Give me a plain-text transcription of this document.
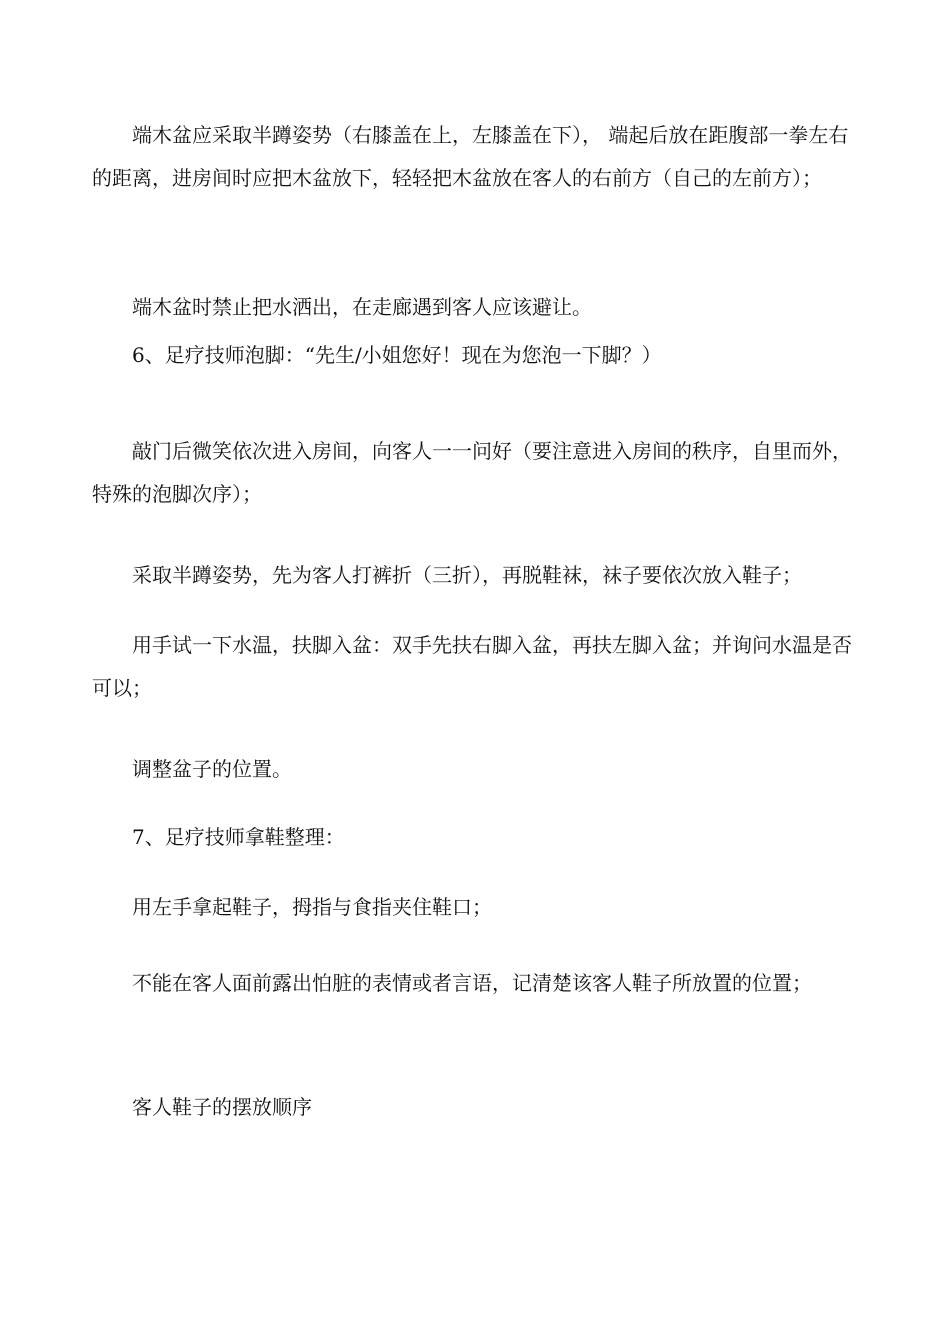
端木盆应采取半蹲姿势（右膝盖在上，左膝盖在下）， 端起后放在距腹部一拳左右的距离，进房间时应把木盆放下，轻轻把木盆放在客人的右前方（自己的左前方）；

端木盆时禁止把水洒出，在走廊遇到客人应该避让。

6、足疗技师泡脚：“先生/小姐您好！现在为您泡一下脚？）

敲门后微笑依次进入房间，向客人一一问好（要注意进入房间的秩序，自里而外，特殊的泡脚次序）；

采取半蹲姿势，先为客人打裤折（三折），再脱鞋袜，袜子要依次放入鞋子；

用手试一下水温，扶脚入盆：双手先扶右脚入盆，再扶左脚入盆；并询问水温是否可以；

调整盆子的位置。

7、足疗技师拿鞋整理：

用左手拿起鞋子，拇指与食指夹住鞋口；

不能在客人面前露出怕脏的表情或者言语，记清楚该客人鞋子所放置的位置；

客人鞋子的摆放顺序
